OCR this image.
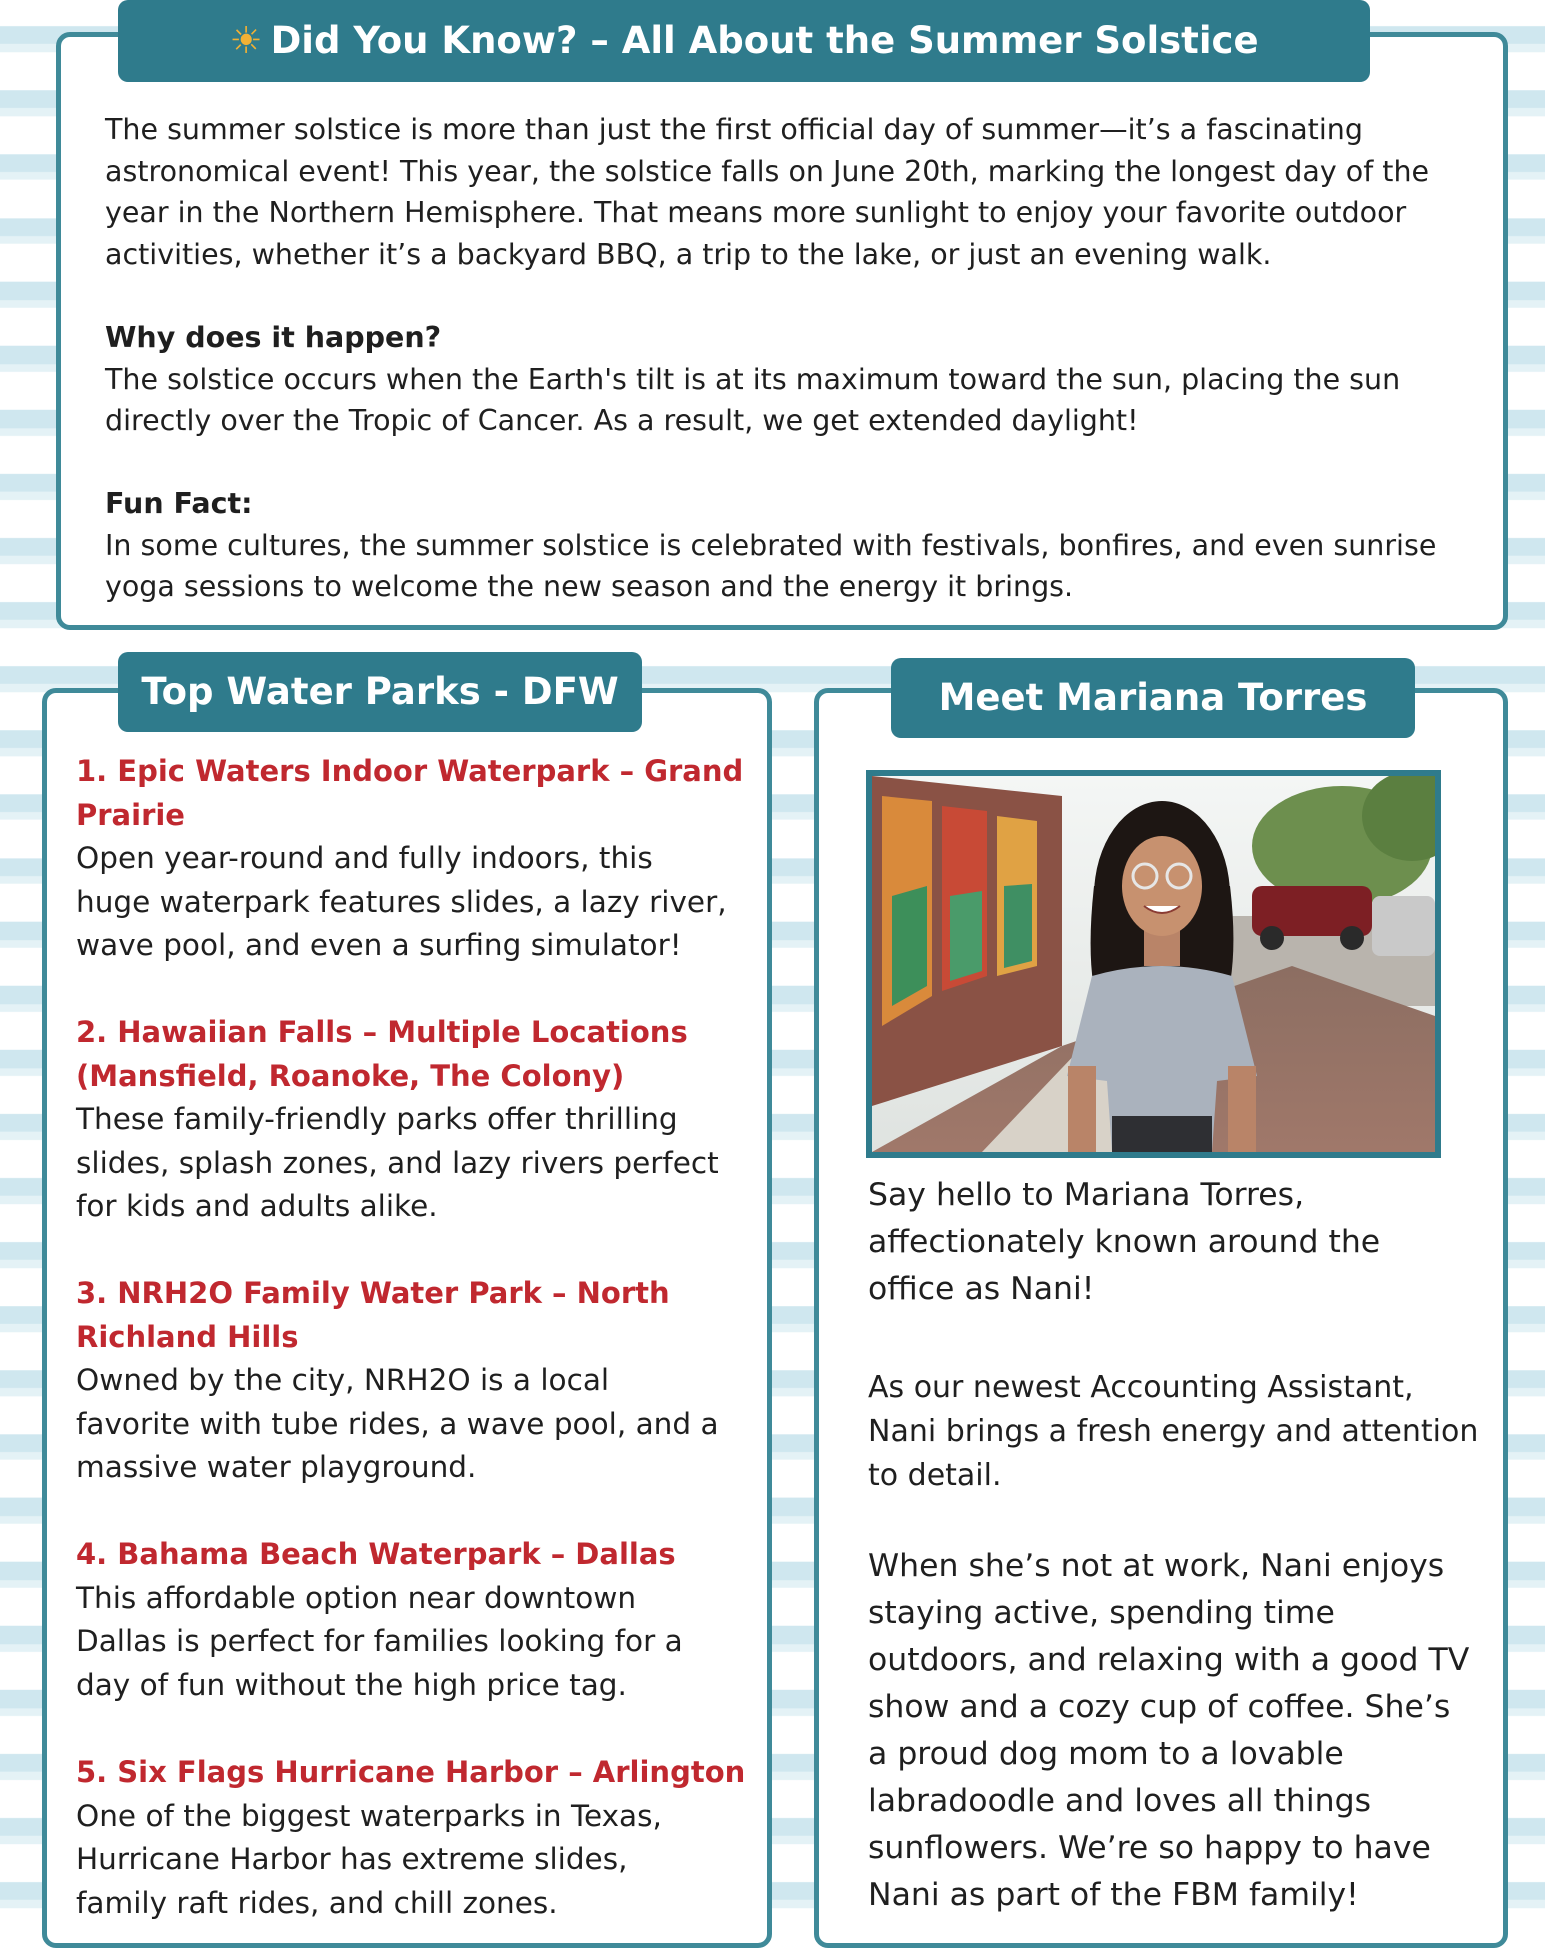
The summer solstice is more than just the first official day of summer—it’s a fascinating

astronomical event! This year, the solstice falls on June 20th, marking the longest day of the

year in the Northern Hemisphere. That means more sunlight to enjoy your favorite outdoor

activities, whether it’s a backyard BBQ, a trip to the lake, or just an evening walk.

Why does it happen?

The solstice occurs when the Earth's tilt is at its maximum toward the sun, placing the sun

directly over the Tropic of Cancer. As a result, we get extended daylight!

Fun Fact:

In some cultures, the summer solstice is celebrated with festivals, bonfires, and even sunrise

yoga sessions to welcome the new season and the energy it brings.

☀ Did You Know? – All About the Summer Solstice
Top Water Parks - DFW
1. Epic Waters Indoor Waterpark – Grand
Prairie
Open year-round and fully indoors, this
huge waterpark features slides, a lazy river,
wave pool, and even a surfing simulator!
2. Hawaiian Falls – Multiple Locations
(Mansfield, Roanoke, The Colony)
These family-friendly parks offer thrilling
slides, splash zones, and lazy rivers perfect
for kids and adults alike.
3. NRH2O Family Water Park – North
Richland Hills
Owned by the city, NRH2O is a local
favorite with tube rides, a wave pool, and a
massive water playground.
4. Bahama Beach Waterpark – Dallas
This affordable option near downtown
Dallas is perfect for families looking for a
day of fun without the high price tag.
5. Six Flags Hurricane Harbor – Arlington
One of the biggest waterparks in Texas,
Hurricane Harbor has extreme slides,
family raft rides, and chill zones.
Meet Mariana Torres
Say hello to Mariana Torres,
affectionately known around the
office as Nani!
As our newest Accounting Assistant,
Nani brings a fresh energy and attention
to detail.
When she’s not at work, Nani enjoys
staying active, spending time
outdoors, and relaxing with a good TV
show and a cozy cup of coffee. She’s
a proud dog mom to a lovable
labradoodle and loves all things
sunflowers. We’re so happy to have
Nani as part of the FBM family!
